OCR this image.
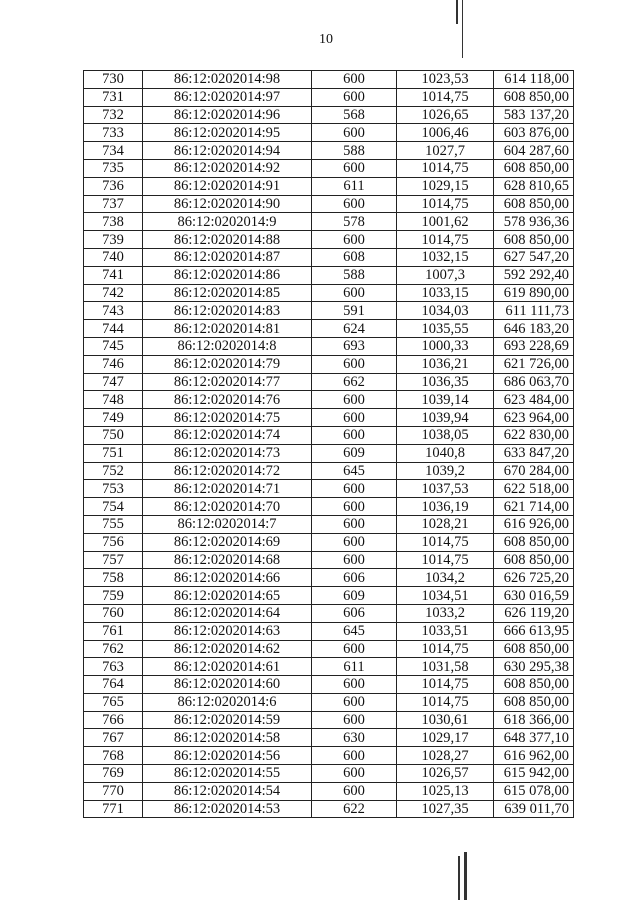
10
730	86:12:0202014:98	600	1023,53	614 118,00
731	86:12:0202014:97	600	1014,75	608 850,00
732	86:12:0202014:96	568	1026,65	583 137,20
733	86:12:0202014:95	600	1006,46	603 876,00
734	86:12:0202014:94	588	1027,7	604 287,60
735	86:12:0202014:92	600	1014,75	608 850,00
736	86:12:0202014:91	611	1029,15	628 810,65
737	86:12:0202014:90	600	1014,75	608 850,00
738	86:12:0202014:9	578	1001,62	578 936,36
739	86:12:0202014:88	600	1014,75	608 850,00
740	86:12:0202014:87	608	1032,15	627 547,20
741	86:12:0202014:86	588	1007,3	592 292,40
742	86:12:0202014:85	600	1033,15	619 890,00
743	86:12:0202014:83	591	1034,03	611 111,73
744	86:12:0202014:81	624	1035,55	646 183,20
745	86:12:0202014:8	693	1000,33	693 228,69
746	86:12:0202014:79	600	1036,21	621 726,00
747	86:12:0202014:77	662	1036,35	686 063,70
748	86:12:0202014:76	600	1039,14	623 484,00
749	86:12:0202014:75	600	1039,94	623 964,00
750	86:12:0202014:74	600	1038,05	622 830,00
751	86:12:0202014:73	609	1040,8	633 847,20
752	86:12:0202014:72	645	1039,2	670 284,00
753	86:12:0202014:71	600	1037,53	622 518,00
754	86:12:0202014:70	600	1036,19	621 714,00
755	86:12:0202014:7	600	1028,21	616 926,00
756	86:12:0202014:69	600	1014,75	608 850,00
757	86:12:0202014:68	600	1014,75	608 850,00
758	86:12:0202014:66	606	1034,2	626 725,20
759	86:12:0202014:65	609	1034,51	630 016,59
760	86:12:0202014:64	606	1033,2	626 119,20
761	86:12:0202014:63	645	1033,51	666 613,95
762	86:12:0202014:62	600	1014,75	608 850,00
763	86:12:0202014:61	611	1031,58	630 295,38
764	86:12:0202014:60	600	1014,75	608 850,00
765	86:12:0202014:6	600	1014,75	608 850,00
766	86:12:0202014:59	600	1030,61	618 366,00
767	86:12:0202014:58	630	1029,17	648 377,10
768	86:12:0202014:56	600	1028,27	616 962,00
769	86:12:0202014:55	600	1026,57	615 942,00
770	86:12:0202014:54	600	1025,13	615 078,00
771	86:12:0202014:53	622	1027,35	639 011,70
